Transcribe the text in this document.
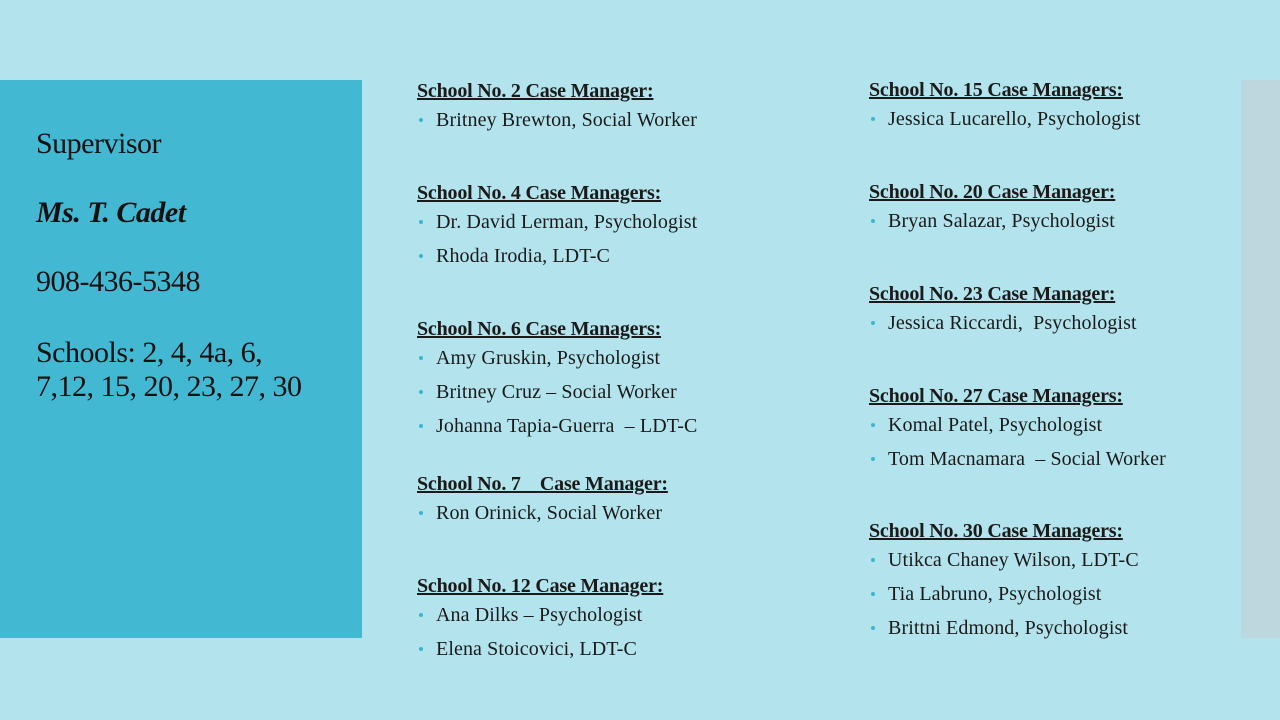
Supervisor
Ms. T. Cadet
908-436-5348
Schools: 2, 4, 4a, 6, 7,12, 15, 20, 23, 27, 30
School No. 2 Case Manager:
Britney Brewton, Social Worker
School No. 4 Case Managers:
Dr. David Lerman, Psychologist
Rhoda Irodia, LDT-C
School No. 6 Case Managers:
Amy Gruskin, Psychologist
Britney Cruz – Social Worker
Johanna Tapia-Guerra  – LDT-C
School No. 7    Case Manager:
Ron Orinick, Social Worker
School No. 12 Case Manager:
Ana Dilks – Psychologist
Elena Stoicovici, LDT-C
School No. 15 Case Managers:
Jessica Lucarello, Psychologist
School No. 20 Case Manager:
Bryan Salazar, Psychologist
School No. 23 Case Manager:
Jessica Riccardi,  Psychologist
School No. 27 Case Managers:
Komal Patel, Psychologist
Tom Macnamara  – Social Worker
School No. 30 Case Managers:
Utikca Chaney Wilson, LDT-C
Tia Labruno, Psychologist
Brittni Edmond, Psychologist
